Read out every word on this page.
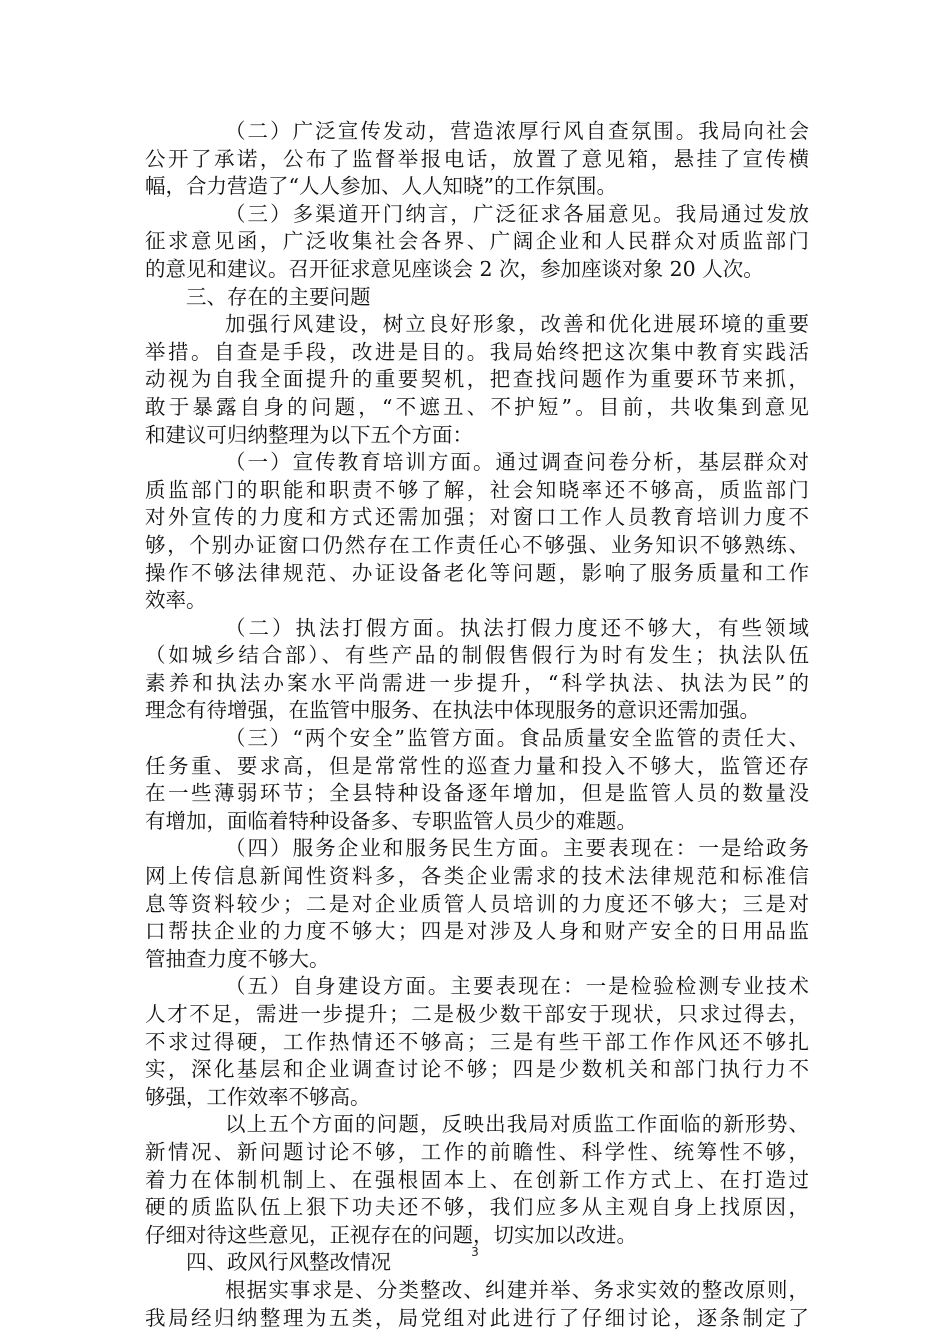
（二）广泛宣传发动，营造浓厚行风自查氛围。我局向社会
公开了承诺，公布了监督举报电话，放置了意见箱，悬挂了宣传横
幅，合力营造了“人人参加、人人知晓”的工作氛围。
（三）多渠道开门纳言，广泛征求各届意见。我局通过发放
征求意见函，广泛收集社会各界、广阔企业和人民群众对质监部门
的意见和建议。召开征求意见座谈会 2 次，参加座谈对象 20 人次。
三、存在的主要问题
加强行风建设，树立良好形象，改善和优化进展环境的重要
举措。自查是手段，改进是目的。我局始终把这次集中教育实践活
动视为自我全面提升的重要契机，把查找问题作为重要环节来抓，
敢于暴露自身的问题，“不遮丑、不护短”。目前，共收集到意见
和建议可归纳整理为以下五个方面：
（一）宣传教育培训方面。通过调查问卷分析，基层群众对
质监部门的职能和职责不够了解，社会知晓率还不够高，质监部门
对外宣传的力度和方式还需加强；对窗口工作人员教育培训力度不
够，个别办证窗口仍然存在工作责任心不够强、业务知识不够熟练、
操作不够法律规范、办证设备老化等问题，影响了服务质量和工作
效率。
（二）执法打假方面。执法打假力度还不够大，有些领域
（如城乡结合部）、有些产品的制假售假行为时有发生；执法队伍
素养和执法办案水平尚需进一步提升，“科学执法、执法为民”的
理念有待增强，在监管中服务、在执法中体现服务的意识还需加强。
（三）“两个安全”监管方面。食品质量安全监管的责任大、
任务重、要求高，但是常常性的巡查力量和投入不够大，监管还存
在一些薄弱环节；全县特种设备逐年增加，但是监管人员的数量没
有增加，面临着特种设备多、专职监管人员少的难题。
（四）服务企业和服务民生方面。主要表现在：一是给政务
网上传信息新闻性资料多，各类企业需求的技术法律规范和标准信
息等资料较少；二是对企业质管人员培训的力度还不够大；三是对
口帮扶企业的力度不够大；四是对涉及人身和财产安全的日用品监
管抽查力度不够大。
（五）自身建设方面。主要表现在：一是检验检测专业技术
人才不足，需进一步提升；二是极少数干部安于现状，只求过得去，
不求过得硬，工作热情还不够高；三是有些干部工作作风还不够扎
实，深化基层和企业调查讨论不够；四是少数机关和部门执行力不
够强，工作效率不够高。
以上五个方面的问题，反映出我局对质监工作面临的新形势、
新情况、新问题讨论不够，工作的前瞻性、科学性、统筹性不够，
着力在体制机制上、在强根固本上、在创新工作方式上、在打造过
硬的质监队伍上狠下功夫还不够，我们应多从主观自身上找原因，
仔细对待这些意见，正视存在的问题，切实加以改进。
四、政风行风整改情况
根据实事求是、分类整改、纠建并举、务求实效的整改原则，
我局经归纳整理为五类，局党组对此进行了仔细讨论，逐条制定了
3
